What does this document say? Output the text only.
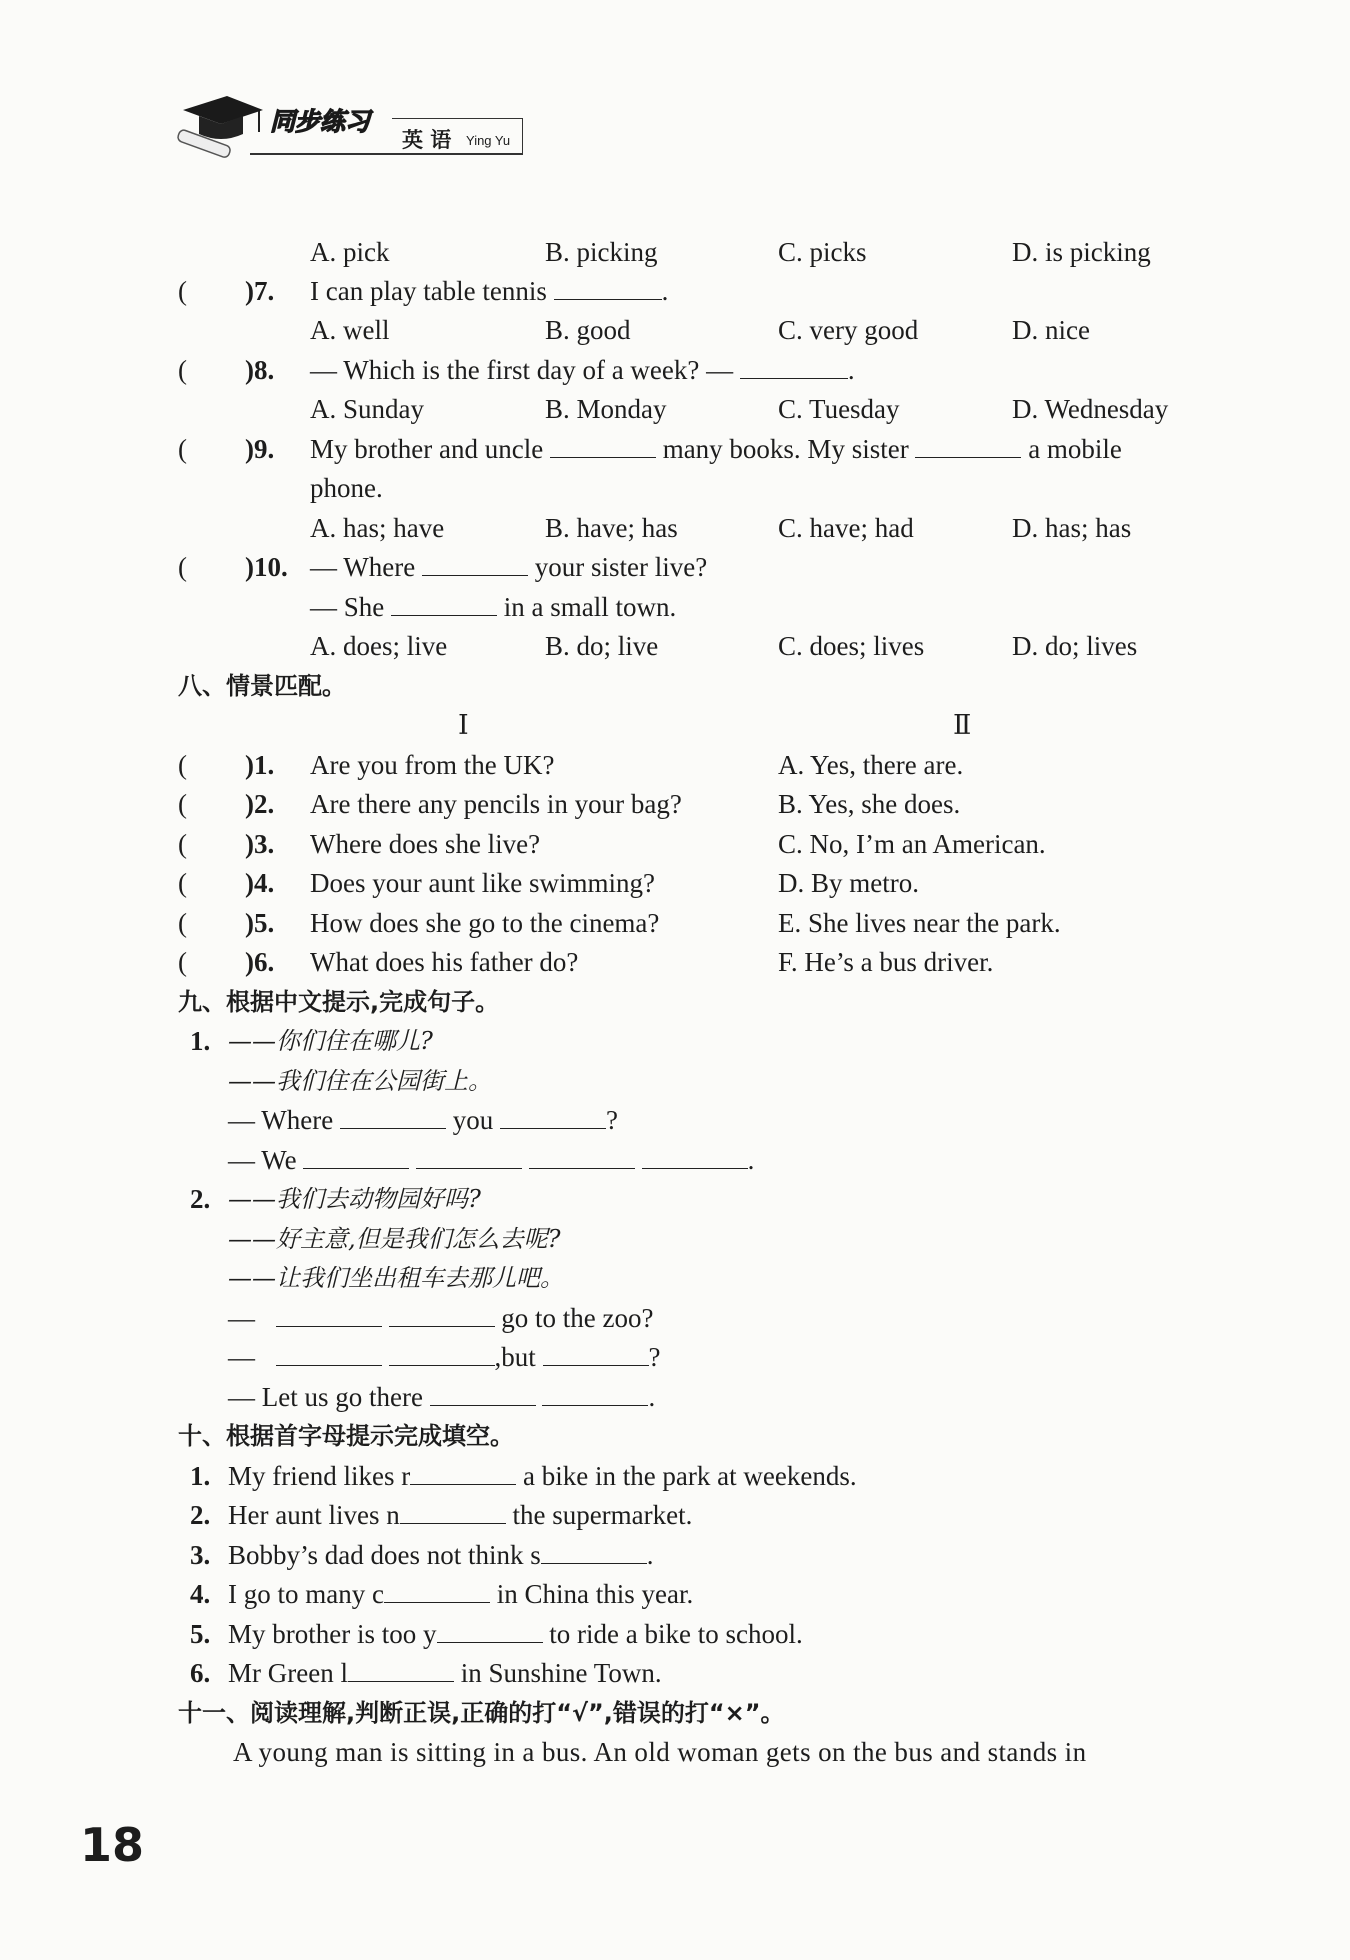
同步练习
英 语 Ying Yu
A. pick	B. picking	C. picks	D. is picking
( )7. I can play table tennis	.
A. well	B. good	C. very good	D. nice
( )8. — Which is the first day of a week? —	.
A. Sunday	B. Monday	C. Tuesday	D. Wednesday
( )9. My brother and uncle	many books. My sister	a mobile
phone.
A. has; have	B. have; has	C. have; had	D. has; has
( )10. — Where	your sister live?
— She	in a small town.
A. does; live	B. do; live	C. does; lives	D. do; lives
八、情景匹配。
Ⅰ	Ⅱ
( )1. Are you from the UK?	A. Yes, there are.
( )2. Are there any pencils in your bag?	B. Yes, she does.
( )3. Where does she live?	C. No, I’m an American.
( )4. Does your aunt like swimming?	D. By metro.
( )5. How does she go to the cinema?	E. She lives near the park.
( )6. What does his father do?	F. He’s a bus driver.
九、根据中文提示,完成句子。
1. ——你们住在哪儿?
——我们住在公园街上。
— Where	you	?
— We	.
2. ——我们去动物园好吗?
——好主意,但是我们怎么去呢?
——让我们坐出租车去那儿吧。
—	go to the zoo?
—	,but	?
— Let us go there	.
十、根据首字母提示完成填空。
1. My friend likes r	a bike in the park at weekends.
2. Her aunt lives n	the supermarket.
3. Bobby’s dad does not think s	.
4. I go to many c	in China this year.
5. My brother is too y	to ride a bike to school.
6. Mr Green l	in Sunshine Town.
十一、阅读理解,判断正误,正确的打“√”,错误的打“×”。
A young man is sitting in a bus. An old woman gets on the bus and stands in
18
